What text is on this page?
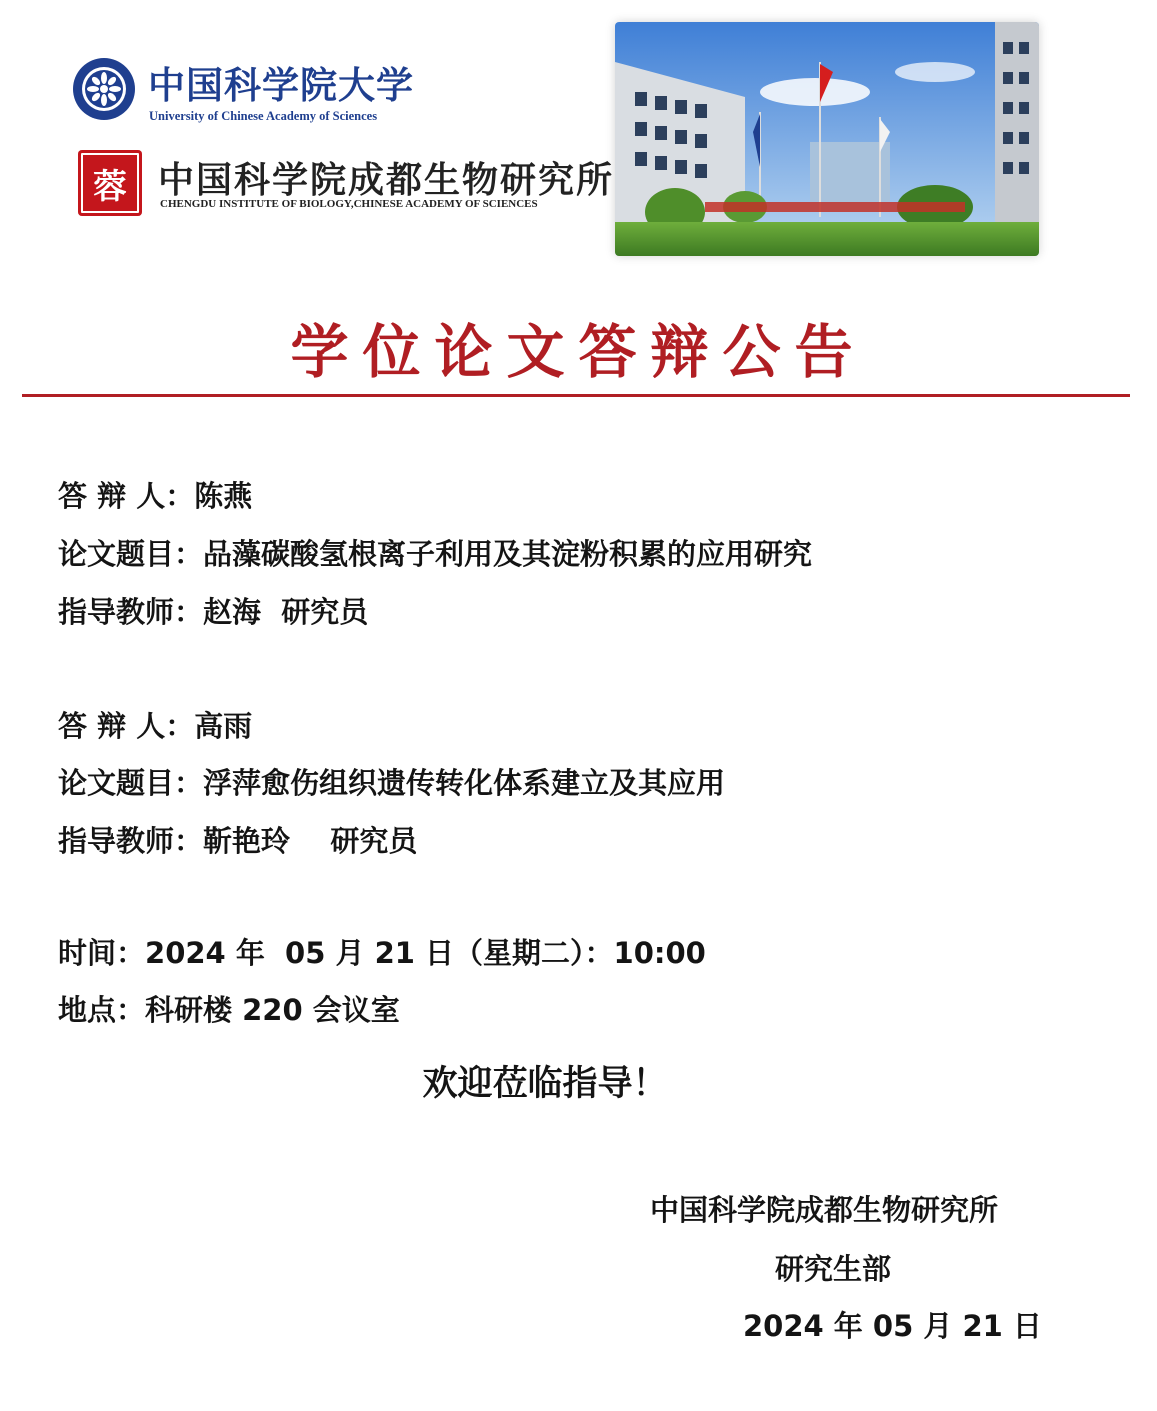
中国科学院大学
University of Chinese Academy of Sciences
蓉 中国科学院成都生物研究所
CHENGDU INSTITUTE OF BIOLOGY,CHINESE ACADEMY OF SCIENCES
学位论文答辩公告
答 辩 人：陈燕
论文题目：品藻碳酸氢根离子利用及其淀粉积累的应用研究
指导教师：赵海  研究员
答 辩 人：高雨
论文题目：浮萍愈伤组织遗传转化体系建立及其应用
指导教师：靳艳玲    研究员
时间：2024 年  05 月 21 日（星期二）：10:00
地点：科研楼 220 会议室
欢迎莅临指导！
中国科学院成都生物研究所
研究生部
2024 年 05 月 21 日
